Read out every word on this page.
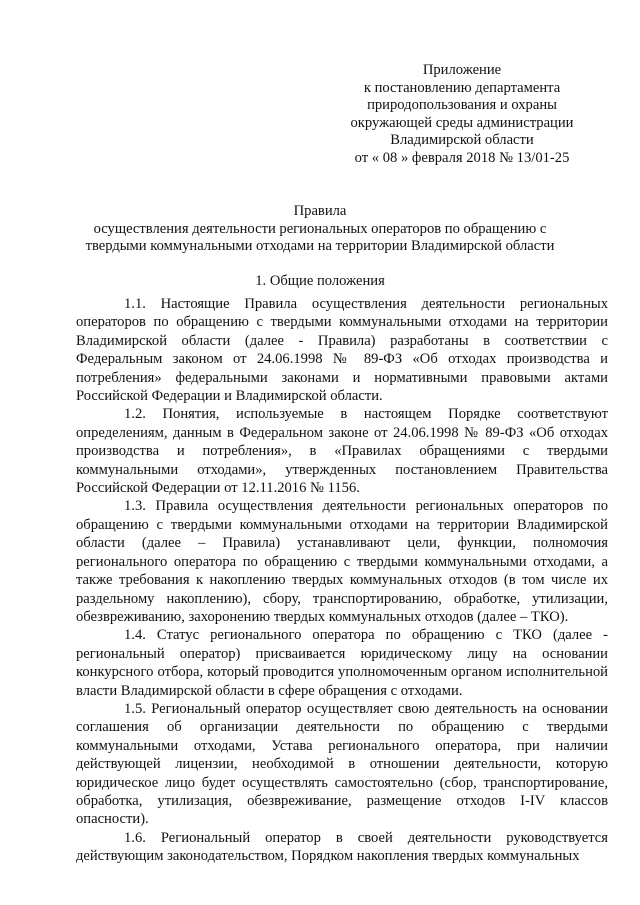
Приложение
к постановлению департамента
природопользования и охраны
окружающей среды администрации
Владимирской области
от « 08 » февраля 2018 № 13/01-25
Правила
осуществления деятельности региональных операторов по обращению с
твердыми коммунальными отходами на территории Владимирской области
1. Общие положения

1.1. Настоящие Правила осуществления деятельности региональных операторов по обращению с твердыми коммунальными отходами на территории Владимирской области (далее - Правила) разработаны в соответствии с Федеральным законом от 24.06.1998 № 89-ФЗ «Об отходах производства и потребления» федеральными законами и нормативными правовыми актами Российской Федерации и Владимирской области.

1.2. Понятия, используемые в настоящем Порядке соответствуют определениям, данным в Федеральном законе от 24.06.1998 № 89-ФЗ «Об отходах производства и потребления», в «Правилах обращениями с твердыми коммунальными отходами», утвержденных постановлением Правительства Российской Федерации от 12.11.2016 № 1156.

1.3. Правила осуществления деятельности региональных операторов по обращению с твердыми коммунальными отходами на территории Владимирской области (далее – Правила) устанавливают цели, функции, полномочия регионального оператора по обращению с твердыми коммунальными отходами, а также требования к накоплению твердых коммунальных отходов (в том числе их раздельному накоплению), сбору, транспортированию, обработке, утилизации, обезвреживанию, захоронению твердых коммунальных отходов (далее – ТКО).

1.4. Статус регионального оператора по обращению с ТКО (далее - региональный оператор) присваивается юридическому лицу на основании конкурсного отбора, который проводится уполномоченным органом исполнительной власти Владимирской области в сфере обращения с отходами.

1.5. Региональный оператор осуществляет свою деятельность на основании соглашения об организации деятельности по обращению с твердыми коммунальными отходами, Устава регионального оператора, при наличии действующей лицензии, необходимой в отношении деятельности, которую юридическое лицо будет осуществлять самостоятельно (сбор, транспортирование, обработка, утилизация, обезвреживание, размещение отходов I-IV классов опасности).

1.6. Региональный оператор в своей деятельности руководствуется действующим законодательством, Порядком накопления твердых коммунальных
